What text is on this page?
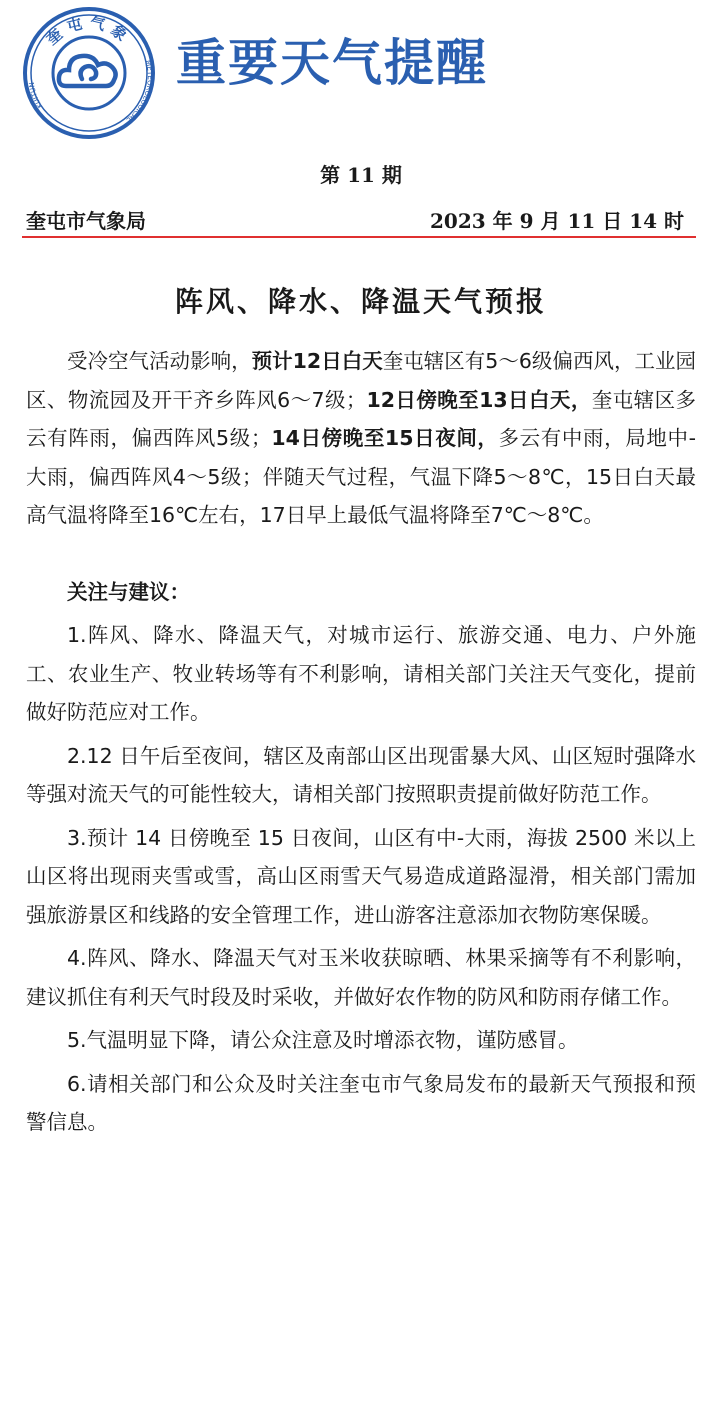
奎屯气象
KUITUN
METEOROLOGICAL
重要天气提醒
第 11 期
奎屯市气象局	2023 年 9 月 11 日 14 时
阵风、降水、降温天气预报

受冷空气活动影响，预计12日白天奎屯辖区有5～6级偏西风，工业园区、物流园及开干齐乡阵风6～7级；12日傍晚至13日白天，奎屯辖区多云有阵雨，偏西阵风5级；14日傍晚至15日夜间，多云有中雨，局地中-大雨，偏西阵风4～5级；伴随天气过程，气温下降5～8℃，15日白天最高气温将降至16℃左右，17日早上最低气温将降至7℃～8℃。

关注与建议：

1.阵风、降水、降温天气，对城市运行、旅游交通、电力、户外施工、农业生产、牧业转场等有不利影响，请相关部门关注天气变化，提前做好防范应对工作。

2.12 日午后至夜间，辖区及南部山区出现雷暴大风、山区短时强降水等强对流天气的可能性较大，请相关部门按照职责提前做好防范工作。

3.预计 14 日傍晚至 15 日夜间，山区有中-大雨，海拔 2500 米以上山区将出现雨夹雪或雪，高山区雨雪天气易造成道路湿滑，相关部门需加强旅游景区和线路的安全管理工作，进山游客注意添加衣物防寒保暖。

4.阵风、降水、降温天气对玉米收获晾晒、林果采摘等有不利影响，建议抓住有利天气时段及时采收，并做好农作物的防风和防雨存储工作。

5.气温明显下降，请公众注意及时增添衣物，谨防感冒。

6.请相关部门和公众及时关注奎屯市气象局发布的最新天气预报和预警信息。
